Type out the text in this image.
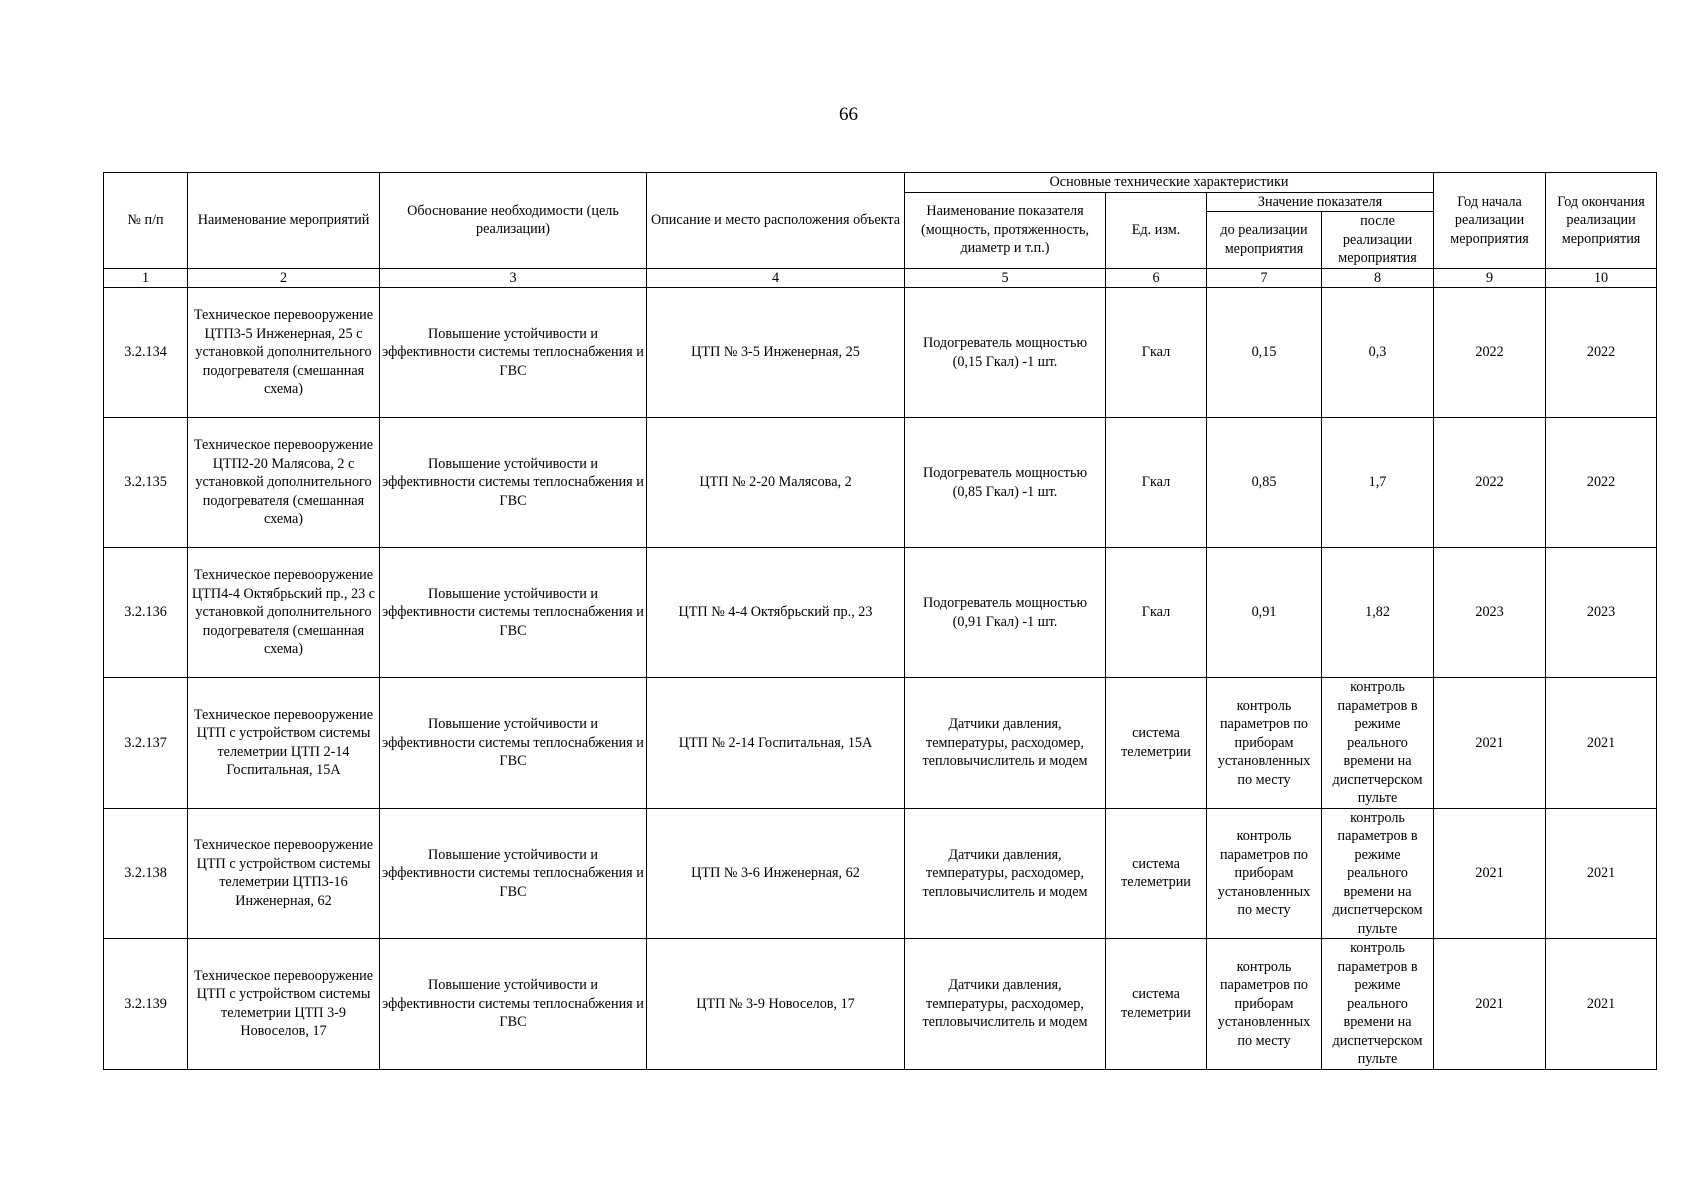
66
№ п/п	Наименование мероприятий	Обоснование необходимости (цель реализации)	Описание и место расположения объекта	Основные технические характеристики				Год начала реализации мероприятия	Год окончания реализации мероприятия
				Наименование показателя (мощность, протяженность, диаметр и т.п.)	Ед. изм.	Значение показателя			
						до реализации мероприятия	после реализации мероприятия		
1	2	3	4	5	6	7	8	9	10
3.2.134	Техническое перевооружение ЦТП3-5 Инженерная, 25 с установкой дополнительного подогревателя (смешанная схема)	Повышение устойчивости и эффективности системы теплоснабжения и ГВС	ЦТП № 3-5 Инженерная, 25	Подогреватель мощностью (0,15 Гкал) -1 шт.	Гкал	0,15	0,3	2022	2022
3.2.135	Техническое перевооружение ЦТП2-20 Малясова, 2 с установкой дополнительного подогревателя (смешанная схема)	Повышение устойчивости и эффективности системы теплоснабжения и ГВС	ЦТП № 2-20 Малясова, 2	Подогреватель мощностью (0,85 Гкал) -1 шт.	Гкал	0,85	1,7	2022	2022
3.2.136	Техническое перевооружение ЦТП4-4 Октябрьский пр., 23 с установкой дополнительного подогревателя (смешанная схема)	Повышение устойчивости и эффективности системы теплоснабжения и ГВС	ЦТП № 4-4 Октябрьский пр., 23	Подогреватель мощностью (0,91 Гкал) -1 шт.	Гкал	0,91	1,82	2023	2023
3.2.137	Техническое перевооружение ЦТП с устройством системы телеметрии ЦТП 2-14 Госпитальная, 15А	Повышение устойчивости и эффективности системы теплоснабжения и ГВС	ЦТП № 2-14 Госпитальная, 15А	Датчики давления, температуры, расходомер, тепловычислитель и модем	система телеметрии	контроль параметров по приборам установленных по месту	контроль параметров в режиме реального времени на диспетчерском пульте	2021	2021
3.2.138	Техническое перевооружение ЦТП с устройством системы телеметрии ЦТП3-16 Инженерная, 62	Повышение устойчивости и эффективности системы теплоснабжения и ГВС	ЦТП № 3-6 Инженерная, 62	Датчики давления, температуры, расходомер, тепловычислитель и модем	система телеметрии	контроль параметров по приборам установленных по месту	контроль параметров в режиме реального времени на диспетчерском пульте	2021	2021
3.2.139	Техническое перевооружение ЦТП с устройством системы телеметрии ЦТП 3-9 Новоселов, 17	Повышение устойчивости и эффективности системы теплоснабжения и ГВС	ЦТП № 3-9 Новоселов, 17	Датчики давления, температуры, расходомер, тепловычислитель и модем	система телеметрии	контроль параметров по приборам установленных по месту	контроль параметров в режиме реального времени на диспетчерском пульте	2021	2021
